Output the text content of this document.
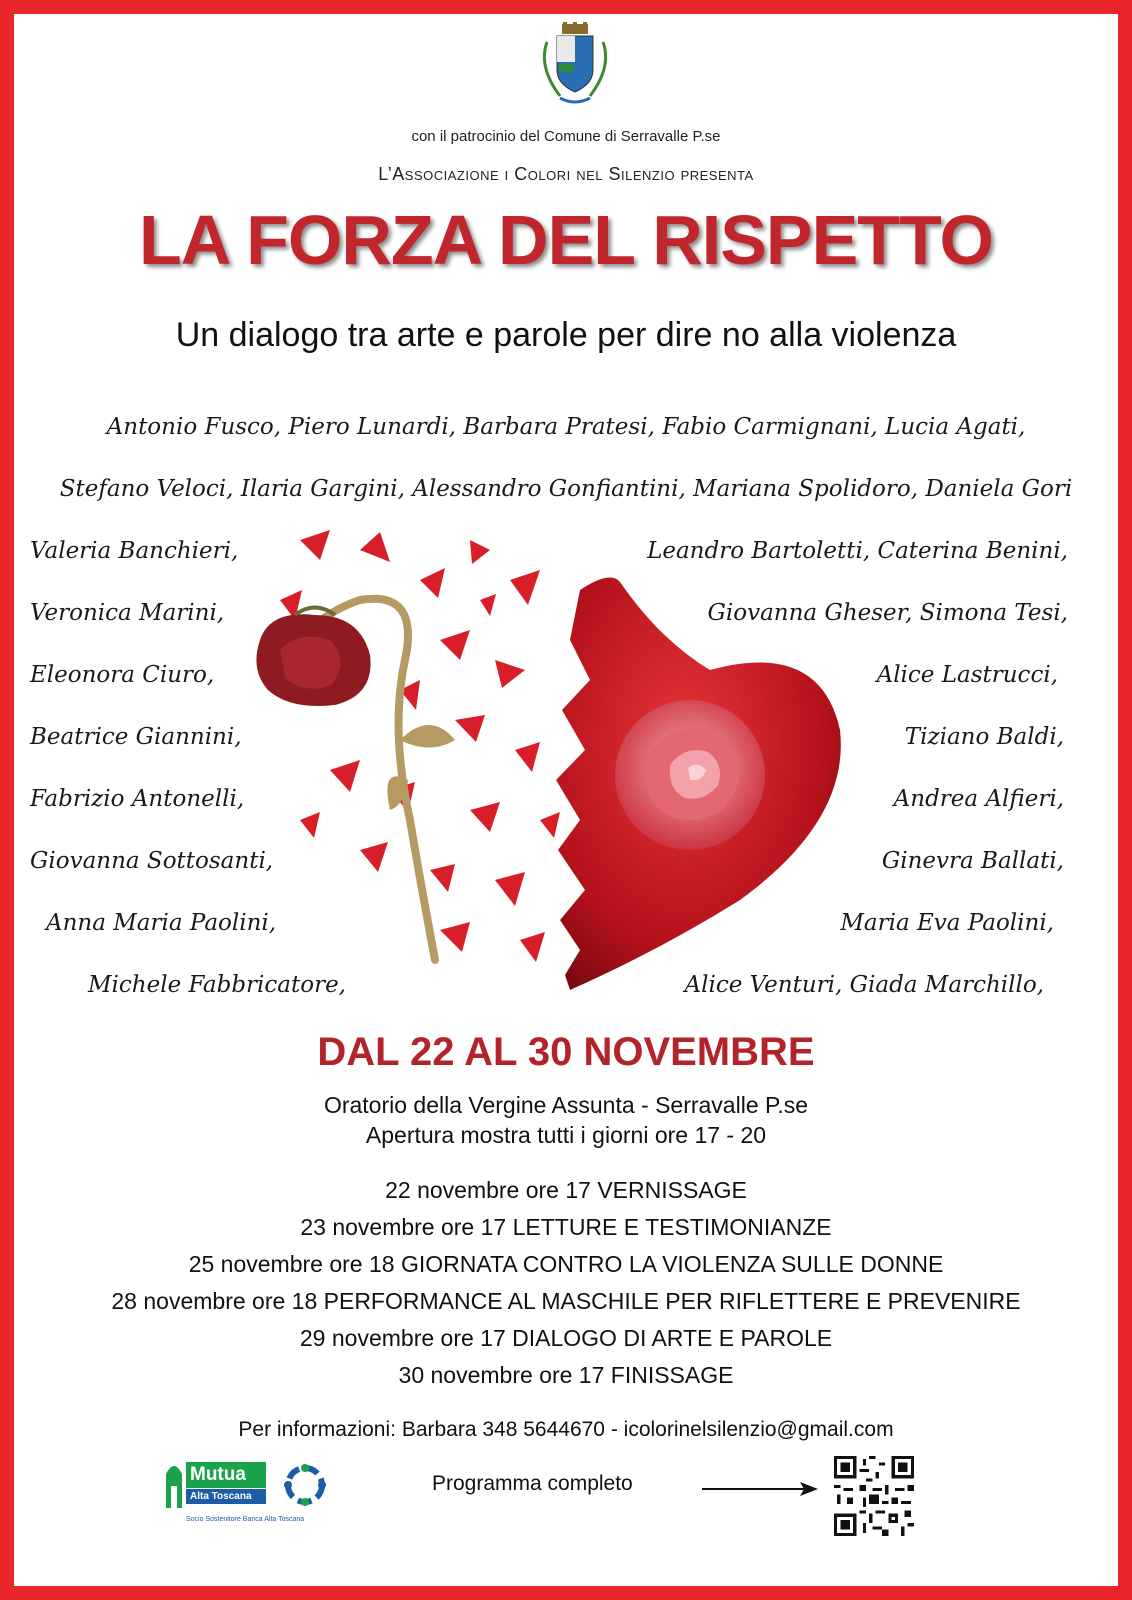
con il patrocinio del Comune di Serravalle P.se
L’Associazione i Colori nel Silenzio presenta
LA FORZA DEL RISPETTO
Un dialogo tra arte e parole per dire no alla violenza
Antonio Fusco, Piero Lunardi, Barbara Pratesi, Fabio Carmignani, Lucia Agati,
Stefano Veloci, Ilaria Gargini, Alessandro Gonfiantini, Mariana Spolidoro, Daniela Gori
Valeria Banchieri,
Veronica Marini,
Eleonora Ciuro,
Beatrice Giannini,
Fabrizio Antonelli,
Giovanna Sottosanti,
Anna Maria Paolini,
Michele Fabbricatore,
Leandro Bartoletti, Caterina Benini,
Giovanna Gheser, Simona Tesi,
Alice Lastrucci,
Tiziano Baldi,
Andrea Alfieri,
Ginevra Ballati,
Maria Eva Paolini,
Alice Venturi, Giada Marchillo,
DAL 22 AL 30 NOVEMBRE
Oratorio della Vergine Assunta - Serravalle P.se
Apertura mostra tutti i giorni ore 17 - 20
22 novembre ore 17 VERNISSAGE
23 novembre ore 17 LETTURE E TESTIMONIANZE
25 novembre ore 18 GIORNATA CONTRO LA VIOLENZA SULLE DONNE
28 novembre ore 18 PERFORMANCE AL MASCHILE PER RIFLETTERE E PREVENIRE
29 novembre ore 17 DIALOGO DI ARTE E PAROLE
30 novembre ore 17 FINISSAGE
Per informazioni: Barbara 348 5644670 - icolorinelsilenzio@gmail.com
Mutua
Alta Toscana
Socio Sostenitore Banca Alta Toscana
Programma completo
